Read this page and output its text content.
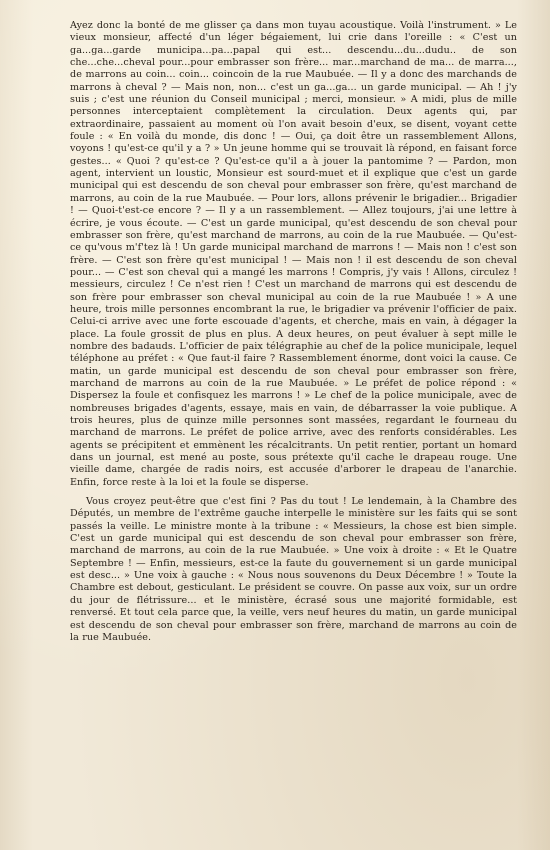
Ayez donc la bonté de me glisser ça dans mon tuyau acoustique. Voilà l'instrument. » Le vieux monsieur, affecté d'un léger bégaiement, lui crie dans l'oreille : « C'est un ga...ga...garde municipa...pa...papal qui est... descendu...du...dudu.. de son che...che...cheval pour...pour embrasser son frère... mar...marchand de ma... de marra..., de marrons au coin... coin... coincoin de la rue Maubuée. — Il y a donc des marchands de marrons à cheval ? — Mais non, non... c'est un ga...ga... un garde municipal. — Ah ! j'y suis ; c'est une réunion du Conseil municipal ; merci, monsieur. » A midi, plus de mille personnes interceptaient complètement la circulation. Deux agents qui, par extraordinaire, passaient au moment où l'on avait besoin d'eux, se disent, voyant cette foule : « En voilà du monde, dis donc ! — Oui, ça doit être un rassemblement Allons, voyons ! qu'est-ce qu'il y a ? » Un jeune homme qui se trouvait là répond, en faisant force gestes... « Quoi ? qu'est-ce ? Qu'est-ce qu'il a à jouer la pantomime ? — Pardon, mon agent, intervient un loustic, Monsieur est sourd-muet et il explique que c'est un garde municipal qui est descendu de son cheval pour embrasser son frère, qu'est marchand de marrons, au coin de la rue Maubuée. — Pour lors, allons prévenir le brigadier... Brigadier ! — Quoi-t'est-ce encore ? — Il y a un rassemblement. — Allez toujours, j'ai une lettre à écrire, je vous écoute. — C'est un garde municipal, qu'est descendu de son cheval pour embrasser son frère, qu'est marchand de marrons, au coin de la rue Maubuée. — Qu'est-ce qu'vous m'f'tez là ! Un garde municipal marchand de marrons ! — Mais non ! c'est son frère. — C'est son frère qu'est municipal ! — Mais non ! il est descendu de son cheval pour... — C'est son cheval qui a mangé les marrons ! Compris, j'y vais ! Allons, circulez ! messieurs, circulez ! Ce n'est rien ! C'est un marchand de marrons qui est descendu de son frère pour embrasser son cheval municipal au coin de la rue Maubuée ! » A une heure, trois mille personnes encombrant la rue, le brigadier va prévenir l'officier de paix. Celui-ci arrive avec une forte escouade d'agents, et cherche, mais en vain, à dégager la place. La foule grossit de plus en plus. A deux heures, on peut évaluer à sept mille le nombre des badauds. L'officier de paix télégraphie au chef de la police municipale, lequel téléphone au préfet : « Que faut-il faire ? Rassemblement énorme, dont voici la cause. Ce matin, un garde municipal est descendu de son cheval pour embrasser son frère, marchand de marrons au coin de la rue Maubuée. » Le préfet de police répond : « Dispersez la foule et confisquez les marrons ! » Le chef de la police municipale, avec de nombreuses brigades d'agents, essaye, mais en vain, de débarrasser la voie publique. A trois heures, plus de quinze mille personnes sont massées, regardant le fourneau du marchand de marrons. Le préfet de police arrive, avec des renforts considérables. Les agents se précipitent et emmènent les récalcitrants. Un petit rentier, portant un homard dans un journal, est mené au poste, sous prétexte qu'il cache le drapeau rouge. Une vieille dame, chargée de radis noirs, est accusée d'arborer le drapeau de l'anarchie. Enfin, force reste à la loi et la foule se disperse.

Vous croyez peut-être que c'est fini ? Pas du tout ! Le lendemain, à la Chambre des Députés, un membre de l'extrême gauche interpelle le ministère sur les faits qui se sont passés la veille. Le ministre monte à la tribune : « Messieurs, la chose est bien simple. C'est un garde municipal qui est descendu de son cheval pour embrasser son frère, marchand de marrons, au coin de la rue Maubuée. » Une voix à droite : « Et le Quatre Septembre ! — Enfin, messieurs, est-ce la faute du gouvernement si un garde municipal est desc... » Une voix à gauche : « Nous nous souvenons du Deux Décembre ! » Toute la Chambre est debout, gesticulant. Le président se couvre. On passe aux voix, sur un ordre du jour de flétrissure... et le ministère, écrasé sous une majorité formidable, est renversé. Et tout cela parce que, la veille, vers neuf heures du matin, un garde municipal est descendu de son cheval pour embrasser son frère, marchand de marrons au coin de la rue Maubuée.
